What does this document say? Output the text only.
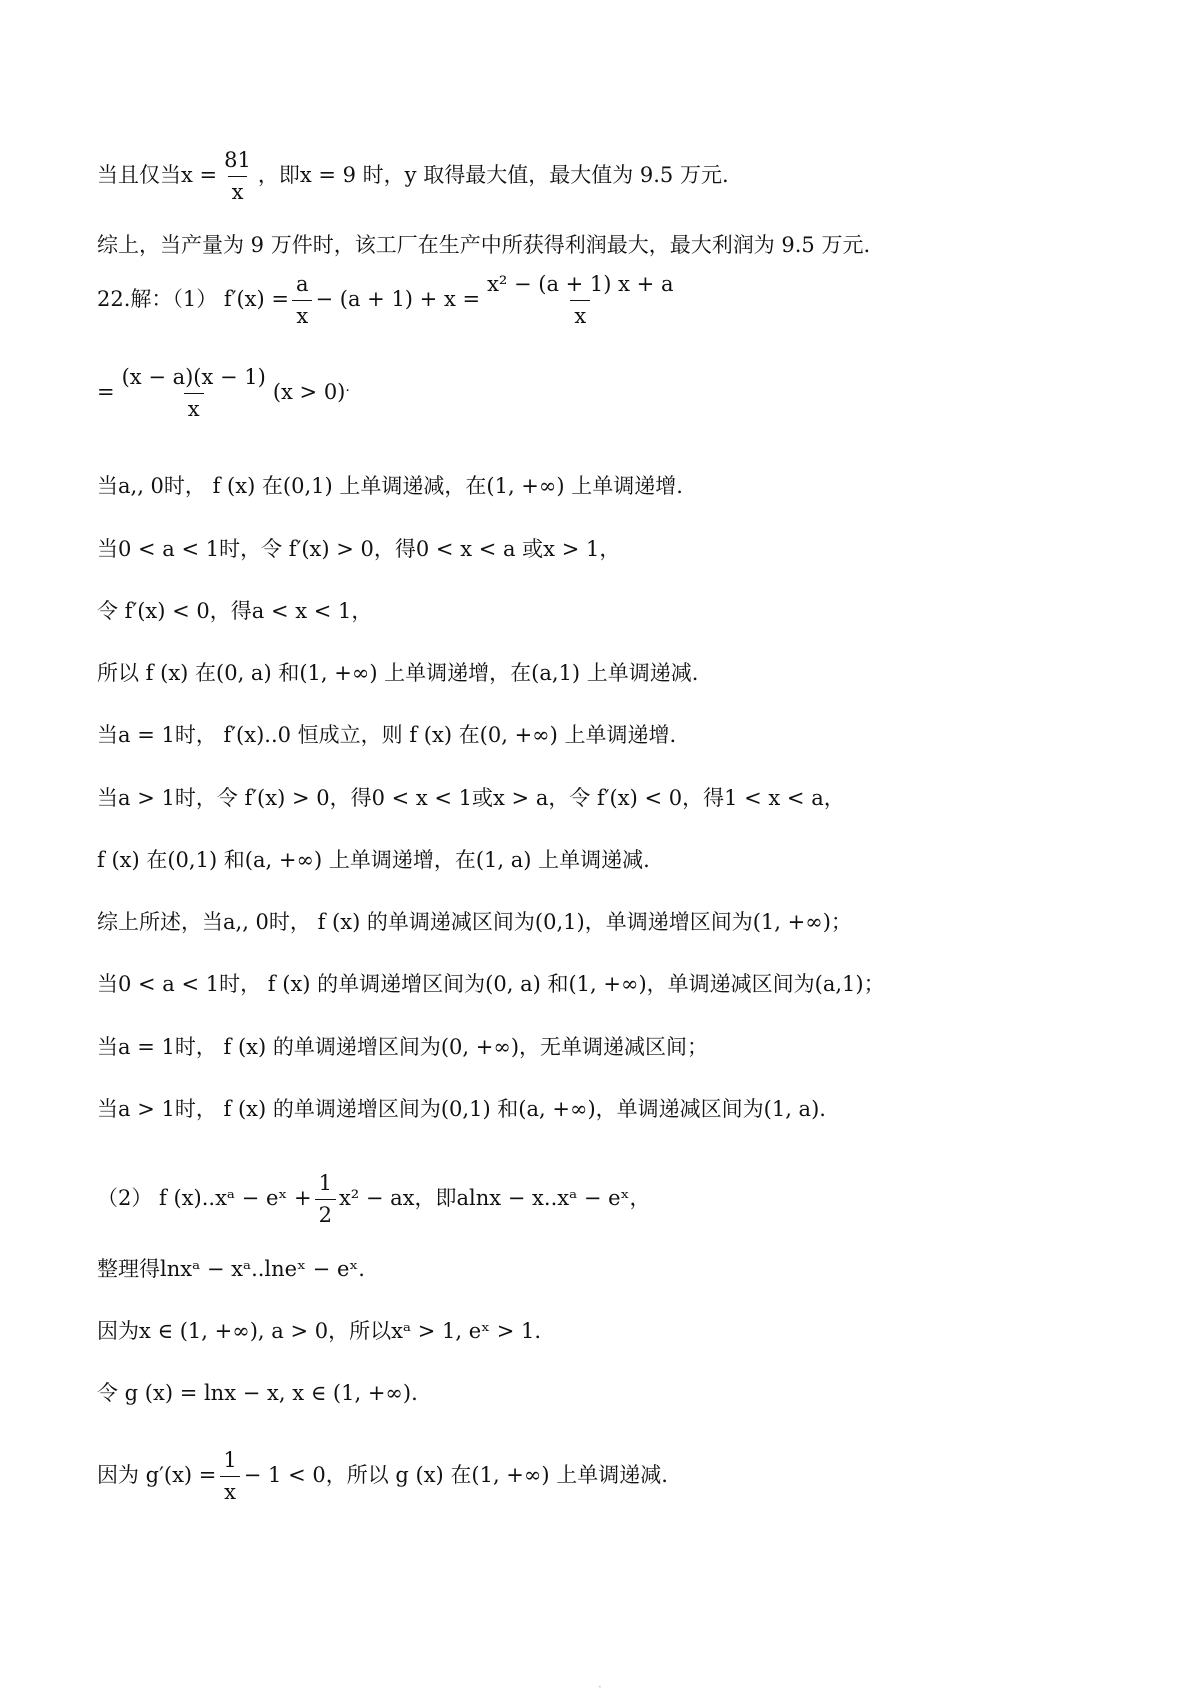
当且仅当$x = \frac{81}{x}$ ，即x = 9 时，y 取得最大值，最大值为 9.5 万元.
综上，当产量为 9 万件时，该工厂在生产中所获得利润最大，最大利润为 9.5 万元.
22.解：（1） $f'(x) = \frac{a}{x} - (a + 1) + x = \frac{\text{x² − (a + 1) x + a}}{x}$
= $\frac{(x - a)(x - 1)}{x} (x > 0)^.$
当a,, 0时， f (x) 在(0,1) 上单调递减，在(1, +∞) 上单调递增.
当0 < a < 1时，令 f′(x) > 0，得0 < x < a 或x > 1，
令 f′(x) < 0，得a < x < 1，
所以 f (x) 在(0, a) 和(1, +∞) 上单调递增，在(a,1) 上单调递减.
当a = 1时， f′(x)..0 恒成立，则 f (x) 在(0, +∞) 上单调递增.
当a > 1时，令 f′(x) > 0，得0 < x < 1或x > a，令 f′(x) < 0，得1 < x < a，
f (x) 在(0,1) 和(a, +∞) 上单调递增，在(1, a) 上单调递减.
综上所述，当a,, 0时， f (x) 的单调递减区间为(0,1)，单调递增区间为(1, +∞)；
当0 < a < 1时， f (x) 的单调递增区间为(0, a) 和(1, +∞)，单调递减区间为(a,1)；
当a = 1时， f (x) 的单调递增区间为(0, +∞)，无单调递减区间；
当a > 1时， f (x) 的单调递增区间为(0,1) 和(a, +∞)，单调递减区间为(1, a).
（2） f (x)..xᵃ − eˣ + $\frac{1}{2} x^2$ − ax，即alnx − x..xᵃ − eˣ，
整理得lnxᵃ − xᵃ..lneˣ − eˣ.
因为x ∈ (1, +∞), a > 0，所以xᵃ > 1, eˣ > 1.
令 g (x) = lnx − x, x ∈ (1, +∞).
因为 $g'(x) = \frac{1}{x} - 1 < 0$，所以 g (x) 在(1, +∞) 上单调递减.
·
